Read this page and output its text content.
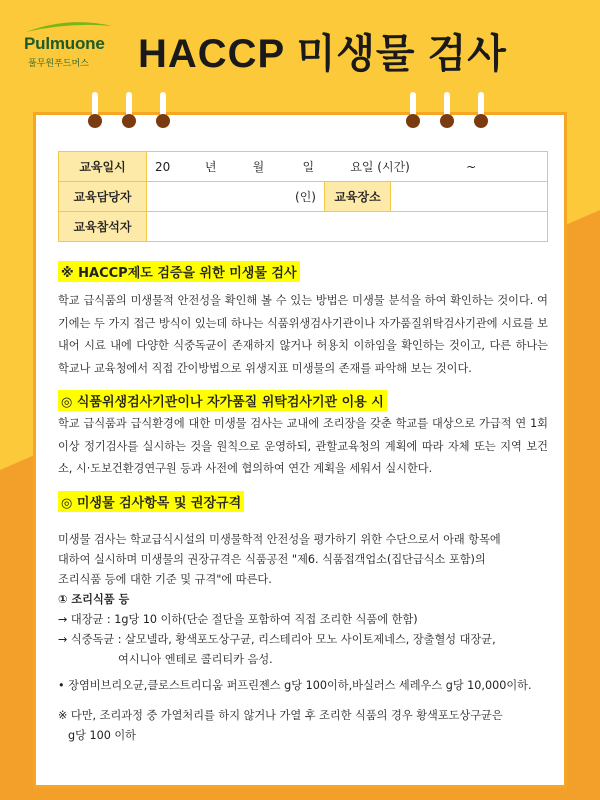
Pulmuone
풀무원푸드머스 HACCP 미생물 검사
교육일시	20 년 월 일 요일 (시간) ~		
교육담당자	(인)	교육장소	
교육참석자			
※ HACCP제도 검증을 위한 미생물 검사

학교 급식품의 미생물적 안전성을 확인해 볼 수 있는 방법은 미생물 분석을 하여 확인하는 것이다. 여기에는 두 가지 접근 방식이 있는데 하나는 식품위생검사기관이나 자가품질위탁검사기관에 시료를 보내어 시료 내에 다양한 식중독균이 존재하지 않거나 허용치 이하임을 확인하는 것이고, 다른 하나는 학교나 교육청에서 직접 간이방법으로 위생지표 미생물의 존재를 파악해 보는 것이다.

◎ 식품위생검사기관이나 자가품질 위탁검사기관 이용 시

학교 급식품과 급식환경에 대한 미생물 검사는 교내에 조리장을 갖춘 학교를 대상으로 가급적 연 1회 이상 정기검사를 실시하는 것을 원칙으로 운영하되, 관할교육청의 계획에 따라 자체 또는 지역 보건소, 시·도보건환경연구원 등과 사전에 협의하여 연간 계획을 세워서 실시한다.

◎ 미생물 검사항목 및 권장규격

미생물 검사는 학교급식시설의 미생물학적 안전성을 평가하기 위한 수단으로서 아래 항목에

대하여 실시하며 미생물의 권장규격은 식품공전 "제6. 식품접객업소(집단급식소 포함)의

조리식품 등에 대한 기준 및 규격"에 따른다.

① 조리식품 등

→ 대장균 : 1g당 10 이하(단순 절단을 포함하여 직접 조리한 식품에 한함)

→ 식중독균 : 살모넬라, 황색포도상구균, 리스테리아 모노 사이토제네스, 장출혈성 대장균,

여시니아 엔테로 콜리티카 음성.

• 장염비브리오균,클로스트리디움 퍼프린젠스 g당 100이하,바실러스 세레우스 g당 10,000이하.

※ 다만, 조리과정 중 가열처리를 하지 않거나 가열 후 조리한 식품의 경우 황색포도상구균은

g당 100 이하
